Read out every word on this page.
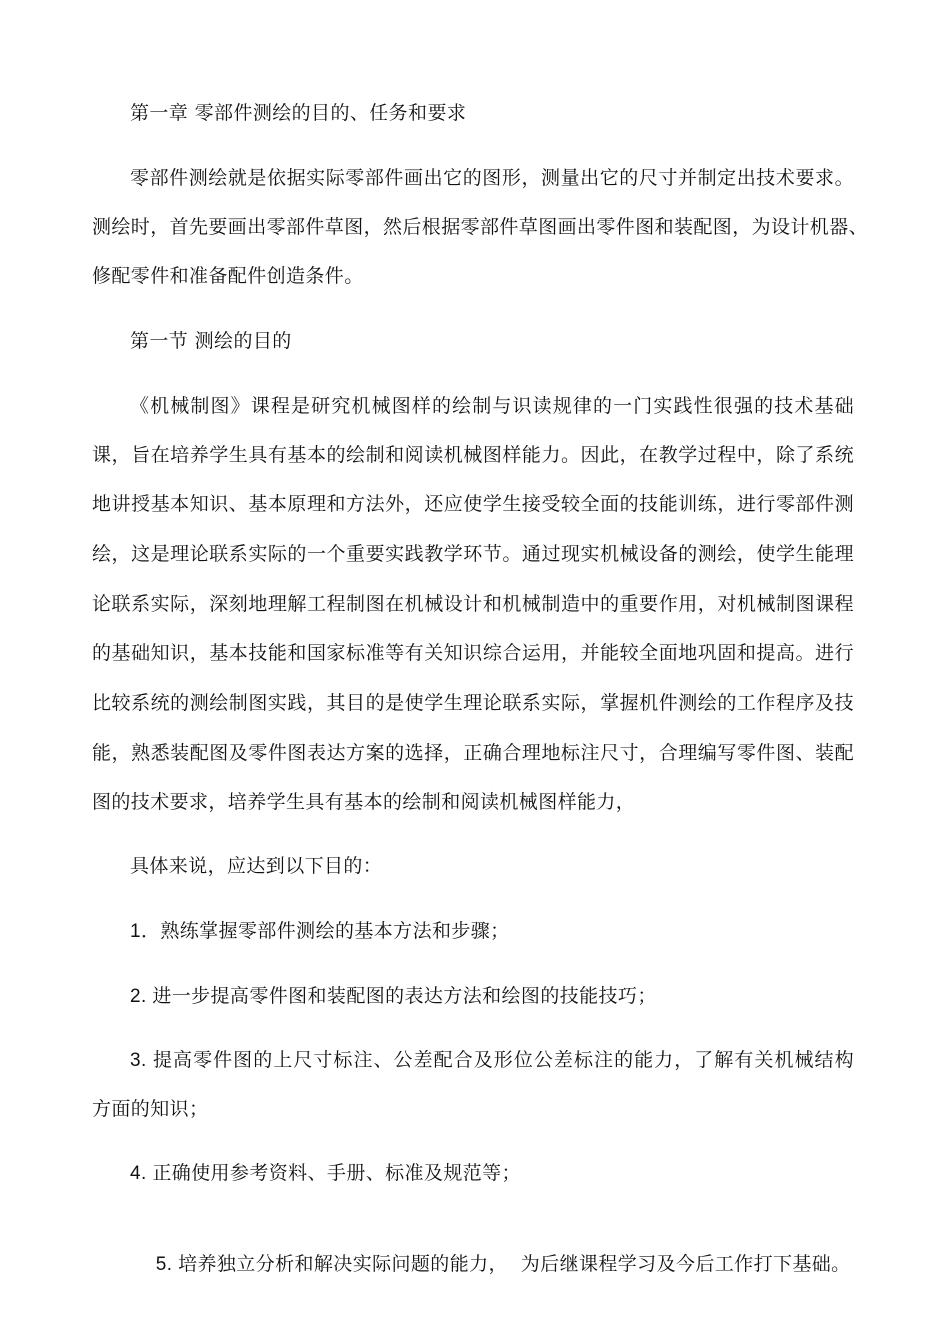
第一章 零部件测绘的目的、任务和要求

零部件测绘就是依据实际零部件画出它的图形，测量出它的尺寸并制定出技术要求。

测绘时，首先要画出零部件草图，然后根据零部件草图画出零件图和装配图，为设计机器、

修配零件和准备配件创造条件。

第一节 测绘的目的

《机械制图》课程是研究机械图样的绘制与识读规律的一门实践性很强的技术基础

课，旨在培养学生具有基本的绘制和阅读机械图样能力。因此，在教学过程中，除了系统

地讲授基本知识、基本原理和方法外，还应使学生接受较全面的技能训练，进行零部件测

绘，这是理论联系实际的一个重要实践教学环节。通过现实机械设备的测绘，使学生能理

论联系实际，深刻地理解工程制图在机械设计和机械制造中的重要作用，对机械制图课程

的基础知识，基本技能和国家标准等有关知识综合运用，并能较全面地巩固和提高。进行

比较系统的测绘制图实践，其目的是使学生理论联系实际，掌握机件测绘的工作程序及技

能，熟悉装配图及零件图表达方案的选择，正确合理地标注尺寸，合理编写零件图、装配

图的技术要求，培养学生具有基本的绘制和阅读机械图样能力，

具体来说，应达到以下目的：

1．熟练掌握零部件测绘的基本方法和步骤；

2. 进一步提高零件图和装配图的表达方法和绘图的技能技巧；

3. 提高零件图的上尺寸标注、公差配合及形位公差标注的能力，了解有关机械结构

方面的知识；

4. 正确使用参考资料、手册、标准及规范等；

5. 培养独立分析和解决实际问题的能力，  为后继课程学习及今后工作打下基础。
